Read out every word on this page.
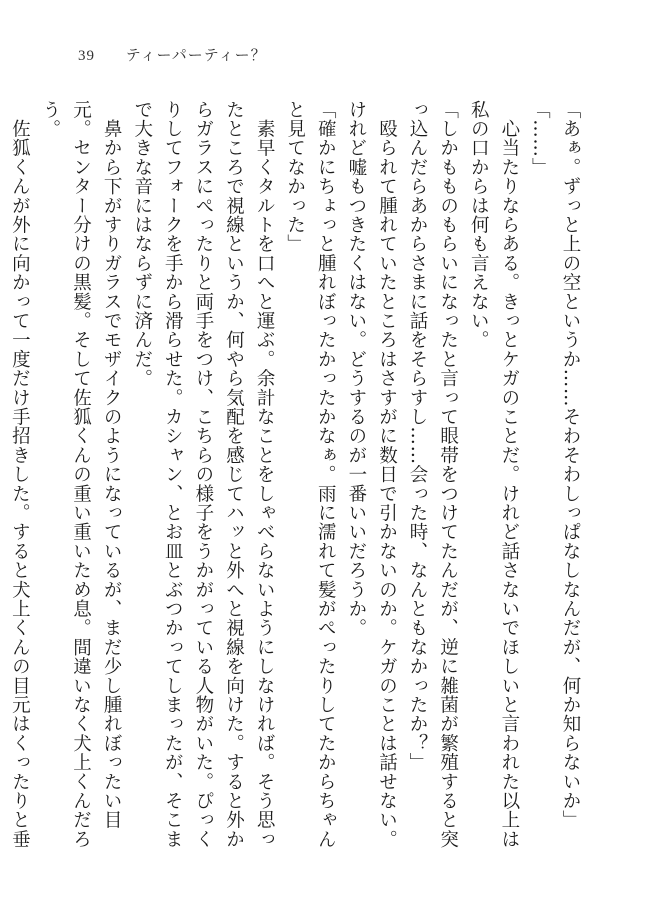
39 ティーパーティー？

「あぁ。ずっと上の空というか……そわそわしっぱなしなんだが、何か知らないか」

「……」

　心当たりならある。きっとケガのことだ。けれど話さないでほしいと言われた以上は私の口からは何も言えない。

「しかもものもらいになったと言って眼帯をつけてたんだが、逆に雑菌が繁殖すると突っ込んだらあからさまに話をそらすし……会った時、なんともなかったか？」

　殴られて腫れていたところはさすがに数日で引かないのか。ケガのことは話せない。けれど嘘もつきたくはない。どうするのが一番いいだろうか。

「確かにちょっと腫れぼったかったかなぁ。雨に濡れて髪がぺったりしてたからちゃんと見てなかった」

　素早くタルトを口へと運ぶ。余計なことをしゃべらないようにしなければ。そう思ったところで視線というか、何やら気配を感じてハッと外へと視線を向けた。すると外からガラスにぺったりと両手をつけ、こちらの様子をうかがっている人物がいた。ぴっくりしてフォークを手から滑らせた。カシャン、とお皿とぶつかってしまったが、そこまで大きな音にはならずに済んだ。

　鼻から下がすりガラスでモザイクのようになっているが、まだ少し腫れぼったい目元。センター分けの黒髪。そして佐狐くんの重い重いため息。間違いなく犬上くんだろう。

　佐狐くんが外に向かって一度だけ手招きした。すると犬上くんの目元はくったりと垂
